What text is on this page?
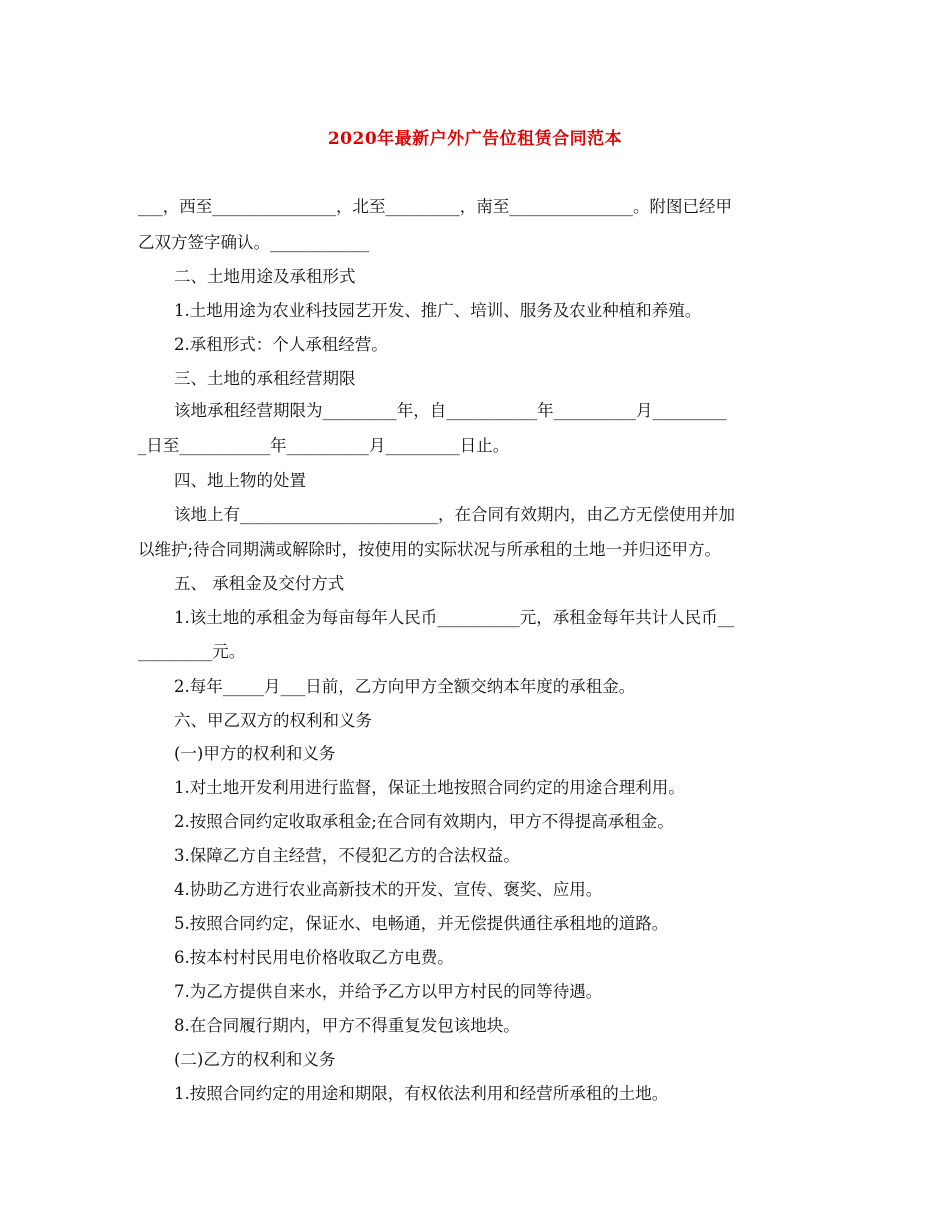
2020年最新户外广告位租赁合同范本
___，西至_______________，北至_________，南至_______________。附图已经甲
乙双方签字确认。____________
二、土地用途及承租形式
1.土地用途为农业科技园艺开发、推广、培训、服务及农业种植和养殖。
2.承租形式：个人承租经营。
三、土地的承租经营期限
该地承租经营期限为_________年，自___________年__________月_________
_日至___________年__________月_________日止。
四、地上物的处置
该地上有________________________，在合同有效期内，由乙方无偿使用并加
以维护;待合同期满或解除时，按使用的实际状况与所承租的土地一并归还甲方。
五、 承租金及交付方式
1.该土地的承租金为每亩每年人民币__________元，承租金每年共计人民币__
_________元。
2.每年_____月___日前，乙方向甲方全额交纳本年度的承租金。
六、甲乙双方的权利和义务
(一)甲方的权利和义务
1.对土地开发利用进行监督，保证土地按照合同约定的用途合理利用。
2.按照合同约定收取承租金;在合同有效期内，甲方不得提高承租金。
3.保障乙方自主经营，不侵犯乙方的合法权益。
4.协助乙方进行农业高新技术的开发、宣传、褒奖、应用。
5.按照合同约定，保证水、电畅通，并无偿提供通往承租地的道路。
6.按本村村民用电价格收取乙方电费。
7.为乙方提供自来水，并给予乙方以甲方村民的同等待遇。
8.在合同履行期内，甲方不得重复发包该地块。
(二)乙方的权利和义务
1.按照合同约定的用途和期限，有权依法利用和经营所承租的土地。
